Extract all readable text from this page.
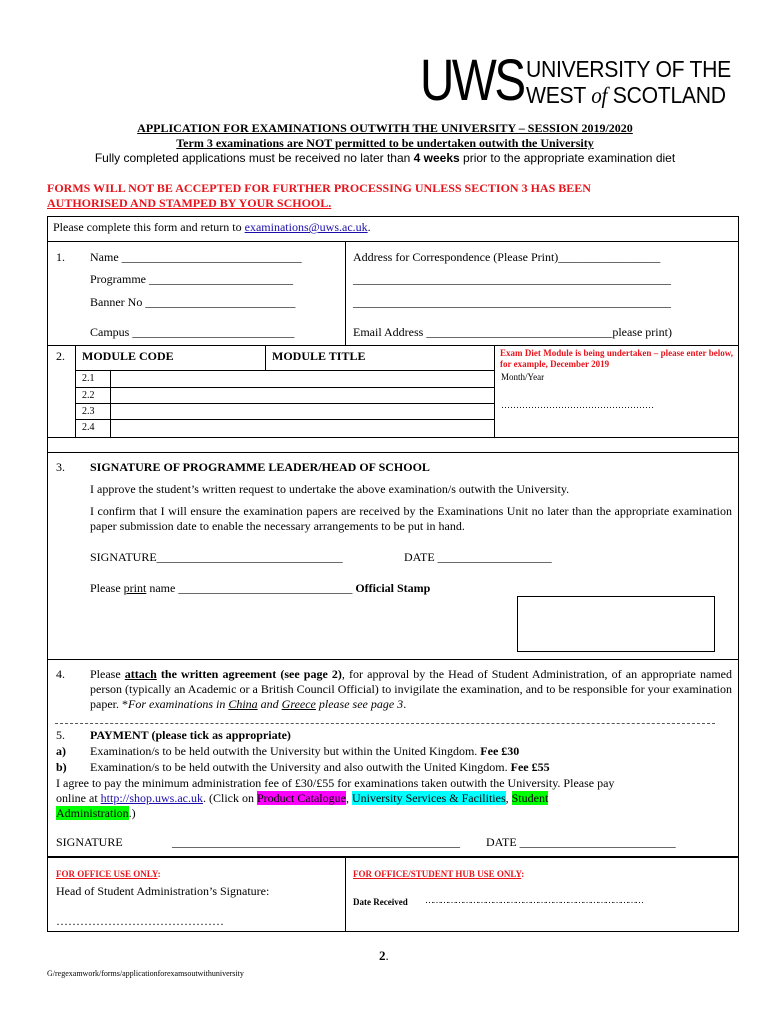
UWS UNIVERSITY OF THE
WEST of SCOTLAND
APPLICATION FOR EXAMINATIONS OUTWITH THE UNIVERSITY – SESSION 2019/2020
Term 3 examinations are NOT permitted to be undertaken outwith the University
Fully completed applications must be received no later than 4 weeks prior to the appropriate examination diet
FORMS WILL NOT BE ACCEPTED FOR FURTHER PROCESSING UNLESS SECTION 3 HAS BEEN
AUTHORISED AND STAMPED BY YOUR SCHOOL.
Please complete this form and return to examinations@uws.ac.uk.
1. Name ______________________________
Programme ________________________
Banner No _________________________
Campus ___________________________
Address for Correspondence (Please Print)_________________
_____________________________________________________
_____________________________________________________
Email Address _______________________________please print)
2. MODULE CODE	MODULE TITLE	Exam Diet Module is being undertaken – please enter below, for example, December 2019
Month/Year
……………………………………………
2.1
2.2
2.3
2.4
3. SIGNATURE OF PROGRAMME LEADER/HEAD OF SCHOOL
I approve the student’s written request to undertake the above examination/s outwith the University.
I confirm that I will ensure the examination papers are received by the Examinations Unit no later than the appropriate examination paper submission date to enable the necessary arrangements to be put in hand.
SIGNATURE_______________________________	DATE ___________________
Please print name _____________________________ Official Stamp
4. Please attach the written agreement (see page 2), for approval by the Head of Student Administration, of an appropriate named person (typically an Academic or a British Council Official) to invigilate the examination, and to be responsible for your examination paper. *For examinations in China and Greece please see page 3.
5. PAYMENT (please tick as appropriate)
a) Examination/s to be held outwith the University but within the United Kingdom. Fee £30
b) Examination/s to be held outwith the University and also outwith the United Kingdom. Fee £55
I agree to pay the minimum administration fee of £30/£55 for examinations taken outwith the University. Please pay
online at http://shop.uws.ac.uk. (Click on Product Catalogue, University Services & Facilities, Student
Administration.)
SIGNATURE	________________________________________________ DATE __________________________
FOR OFFICE USE ONLY:
Head of Student Administration’s Signature:
……………………………………
FOR OFFICE/STUDENT HUB USE ONLY:
Date Received ……………………………………………………………………………
2.
G/regexamwork/forms/applicationforexamsoutwithuniversity
